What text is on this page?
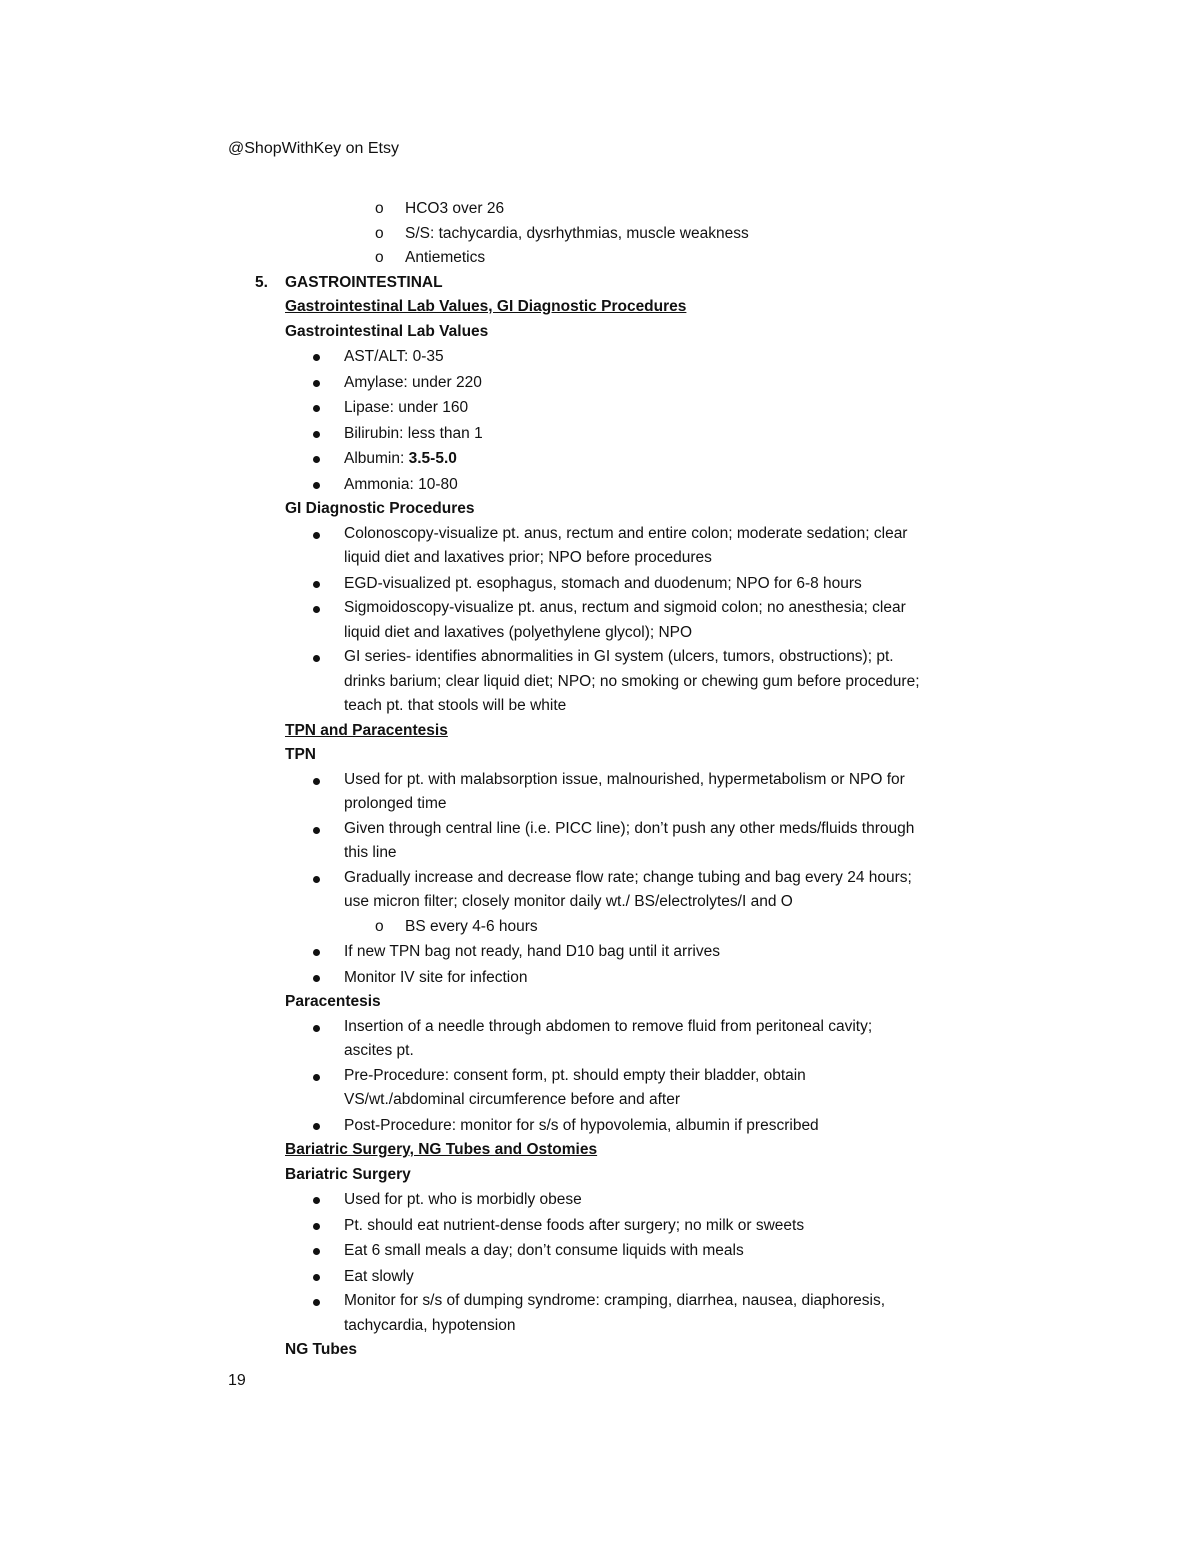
@ShopWithKey on Etsy
o HCO3 over 26
o S/S: tachycardia, dysrhythmias, muscle weakness
o Antiemetics
5. GASTROINTESTINAL
Gastrointestinal Lab Values, GI Diagnostic Procedures
Gastrointestinal Lab Values
AST/ALT: 0-35
Amylase: under 220
Lipase: under 160
Bilirubin: less than 1
Albumin: 3.5-5.0
Ammonia: 10-80
GI Diagnostic Procedures
Colonoscopy-visualize pt. anus, rectum and entire colon; moderate sedation; clear
liquid diet and laxatives prior; NPO before procedures
EGD-visualized pt. esophagus, stomach and duodenum; NPO for 6-8 hours
Sigmoidoscopy-visualize pt. anus, rectum and sigmoid colon; no anesthesia; clear
liquid diet and laxatives (polyethylene glycol); NPO
GI series- identifies abnormalities in GI system (ulcers, tumors, obstructions); pt.
drinks barium; clear liquid diet; NPO; no smoking or chewing gum before procedure;
teach pt. that stools will be white
TPN and Paracentesis
TPN
Used for pt. with malabsorption issue, malnourished, hypermetabolism or NPO for
prolonged time
Given through central line (i.e. PICC line); don’t push any other meds/fluids through
this line
Gradually increase and decrease flow rate; change tubing and bag every 24 hours;
use micron filter; closely monitor daily wt./ BS/electrolytes/I and O
o BS every 4-6 hours
If new TPN bag not ready, hand D10 bag until it arrives
Monitor IV site for infection
Paracentesis
Insertion of a needle through abdomen to remove fluid from peritoneal cavity;
ascites pt.
Pre-Procedure: consent form, pt. should empty their bladder, obtain
VS/wt./abdominal circumference before and after
Post-Procedure: monitor for s/s of hypovolemia, albumin if prescribed
Bariatric Surgery, NG Tubes and Ostomies
Bariatric Surgery
Used for pt. who is morbidly obese
Pt. should eat nutrient-dense foods after surgery; no milk or sweets
Eat 6 small meals a day; don’t consume liquids with meals
Eat slowly
Monitor for s/s of dumping syndrome: cramping, diarrhea, nausea, diaphoresis,
tachycardia, hypotension
NG Tubes
19
